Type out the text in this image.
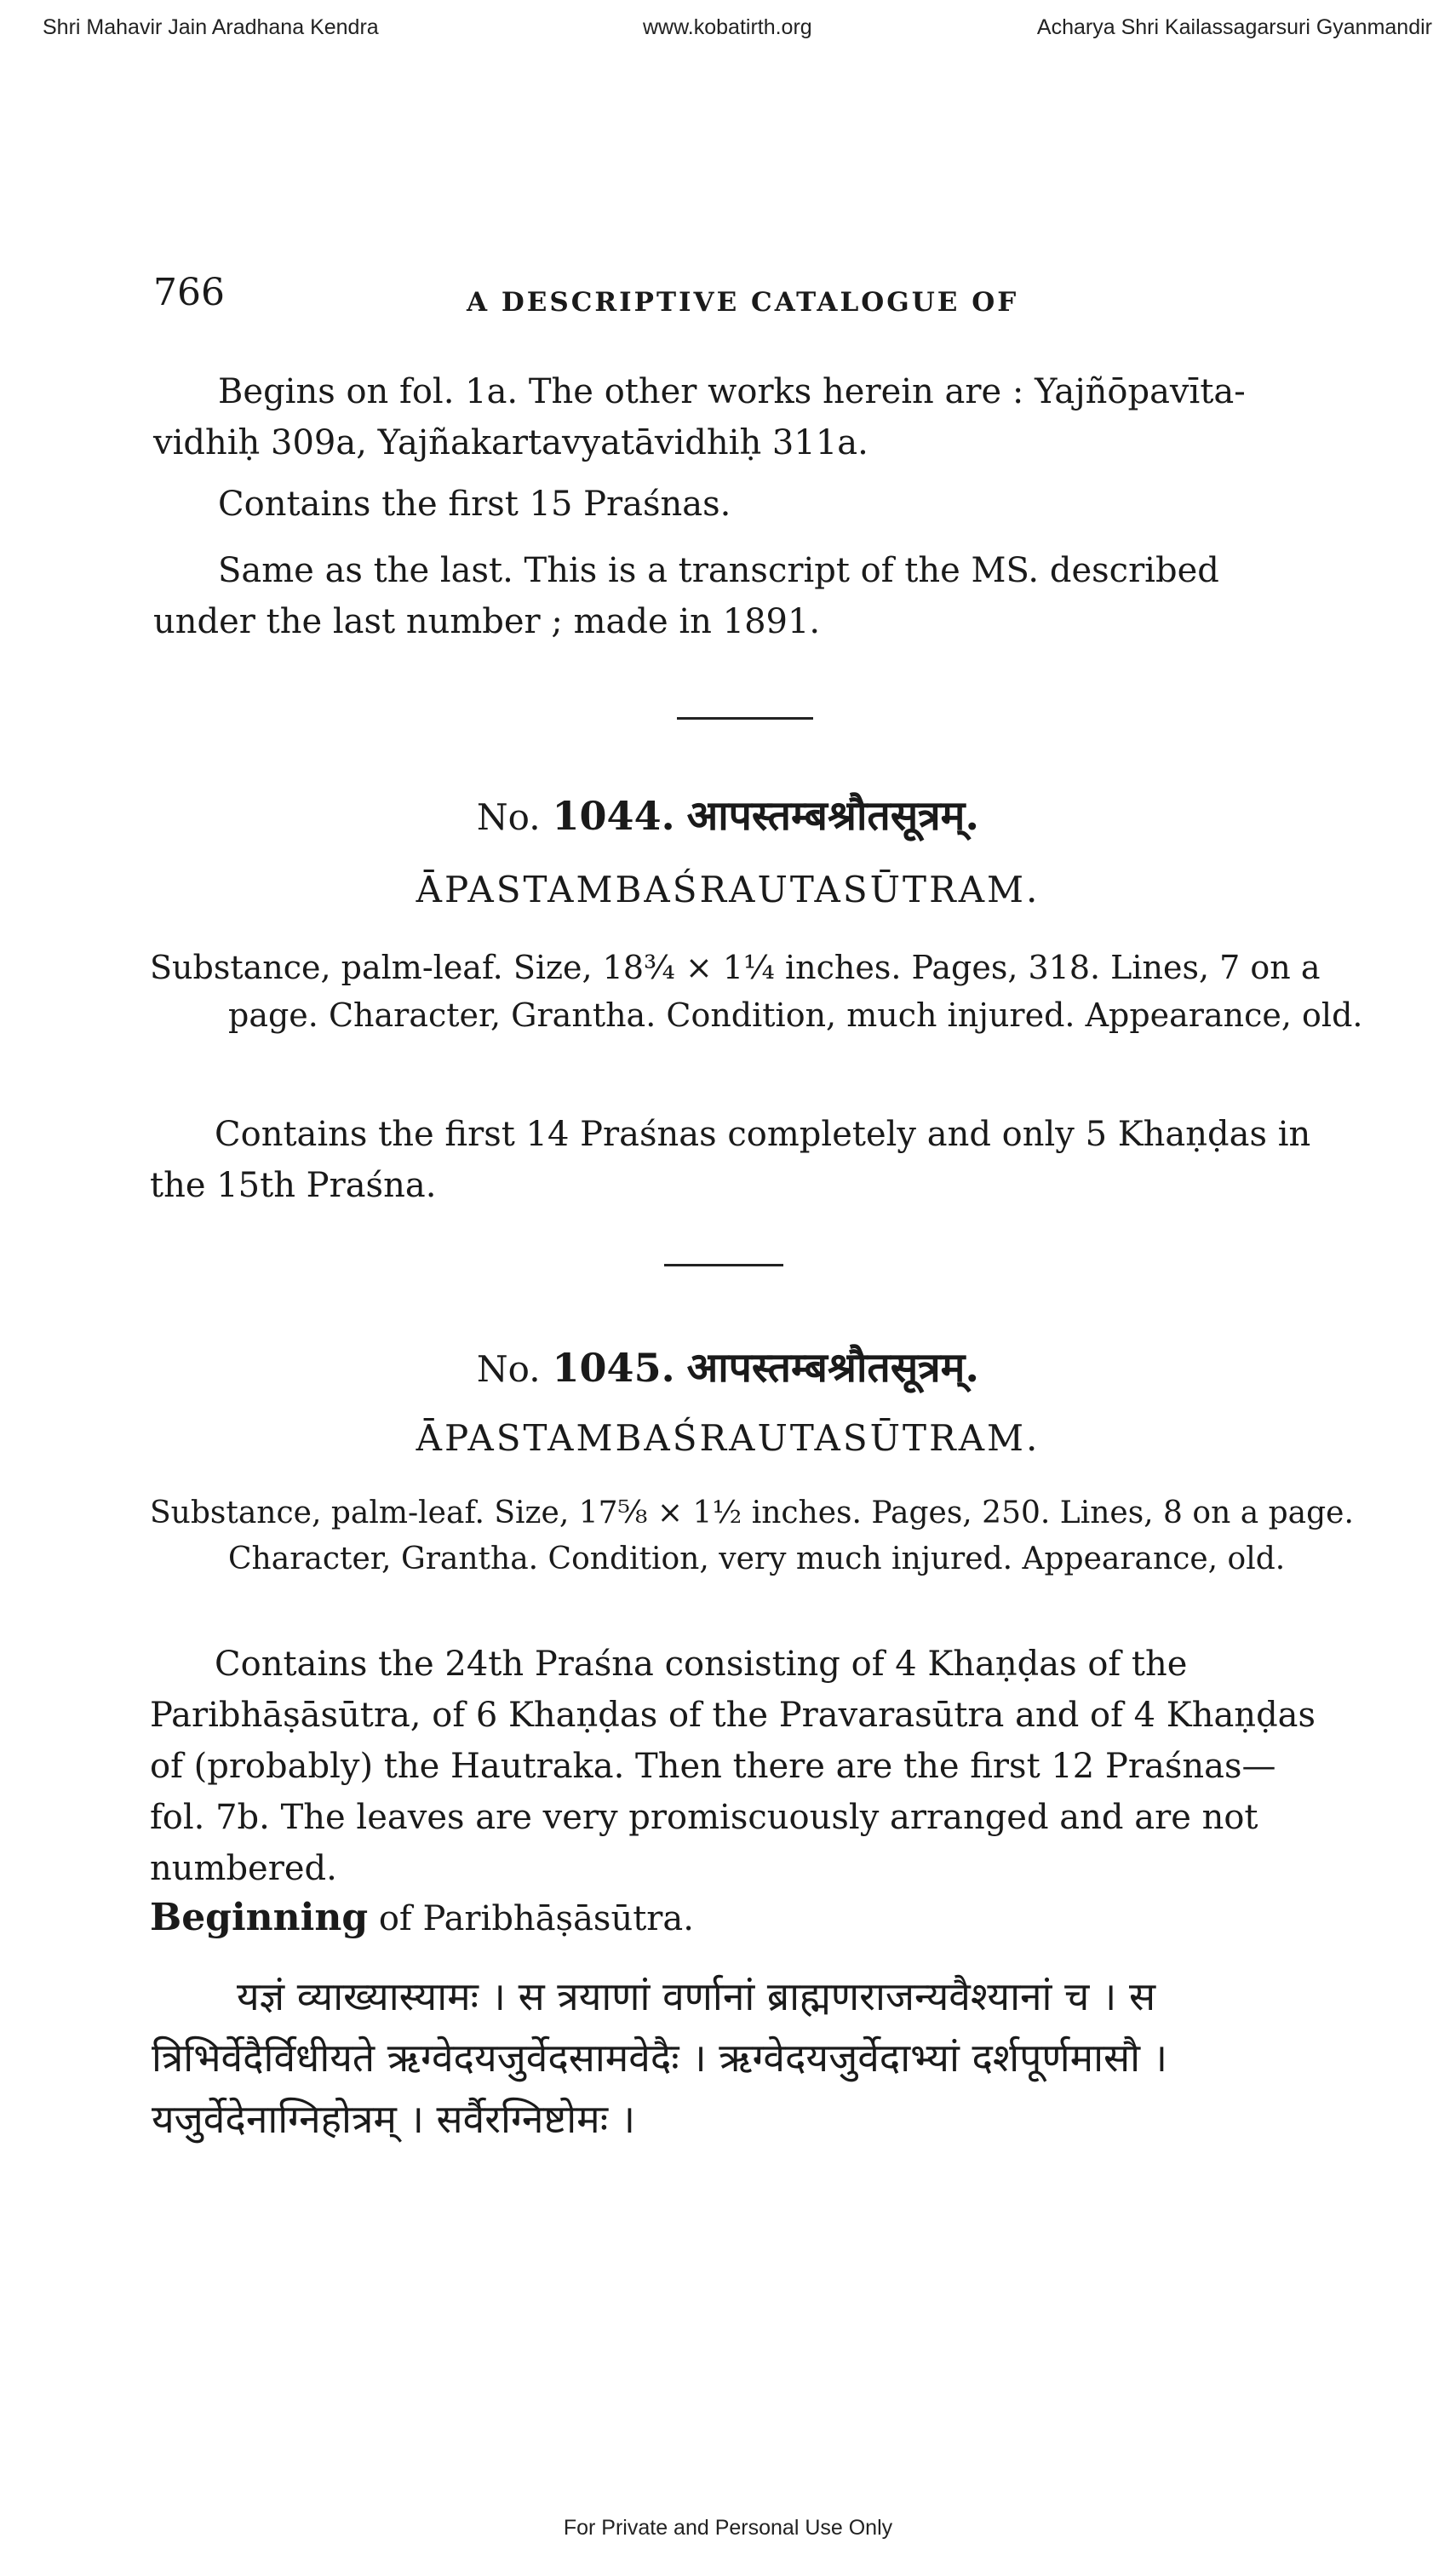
Shri Mahavir Jain Aradhana Kendra	www.kobatirth.org	Acharya Shri Kailassagarsuri Gyanmandir
766	A DESCRIPTIVE CATALOGUE OF

Begins on fol. 1a. The other works herein are : Yajñōpavīta-vidhiḥ 309a, Yajñakartavyatāvidhiḥ 311a.

Contains the first 15 Praśnas.

Same as the last. This is a transcript of the MS. described under the last number ; made in 1891.

No. 1044. आपस्तम्बश्रौतसूत्रम्.
ĀPASTAMBAŚRAUTASŪTRAM.

Substance, palm-leaf. Size, 18¾ × 1¼ inches. Pages, 318. Lines, 7 on a page. Character, Grantha. Condition, much injured. Appearance, old.

Contains the first 14 Praśnas completely and only 5 Khaṇḍas in the 15th Praśna.

No. 1045. आपस्तम्बश्रौतसूत्रम्.
ĀPASTAMBAŚRAUTASŪTRAM.

Substance, palm-leaf. Size, 17⅝ × 1½ inches. Pages, 250. Lines, 8 on a page. Character, Grantha. Condition, very much injured. Appearance, old.

Contains the 24th Praśna consisting of 4 Khaṇḍas of the Paribhāṣāsūtra, of 6 Khaṇḍas of the Pravarasūtra and of 4 Khaṇḍas of (probably) the Hautraka. Then there are the first 12 Praśnas—fol. 7b. The leaves are very promiscuously arranged and are not numbered.

Beginning of Paribhāṣāsūtra.

यज्ञं व्याख्यास्यामः । स त्रयाणां वर्णानां ब्राह्मणराजन्यवैश्यानां च । स त्रिभिर्वेदैर्विधीयते ऋग्वेदयजुर्वेदसामवेदैः । ऋग्वेदयजुर्वेदाभ्यां दर्शपूर्णमासौ । यजुर्वेदेनाग्निहोत्रम् । सर्वैरग्निष्टोमः ।

For Private and Personal Use Only
